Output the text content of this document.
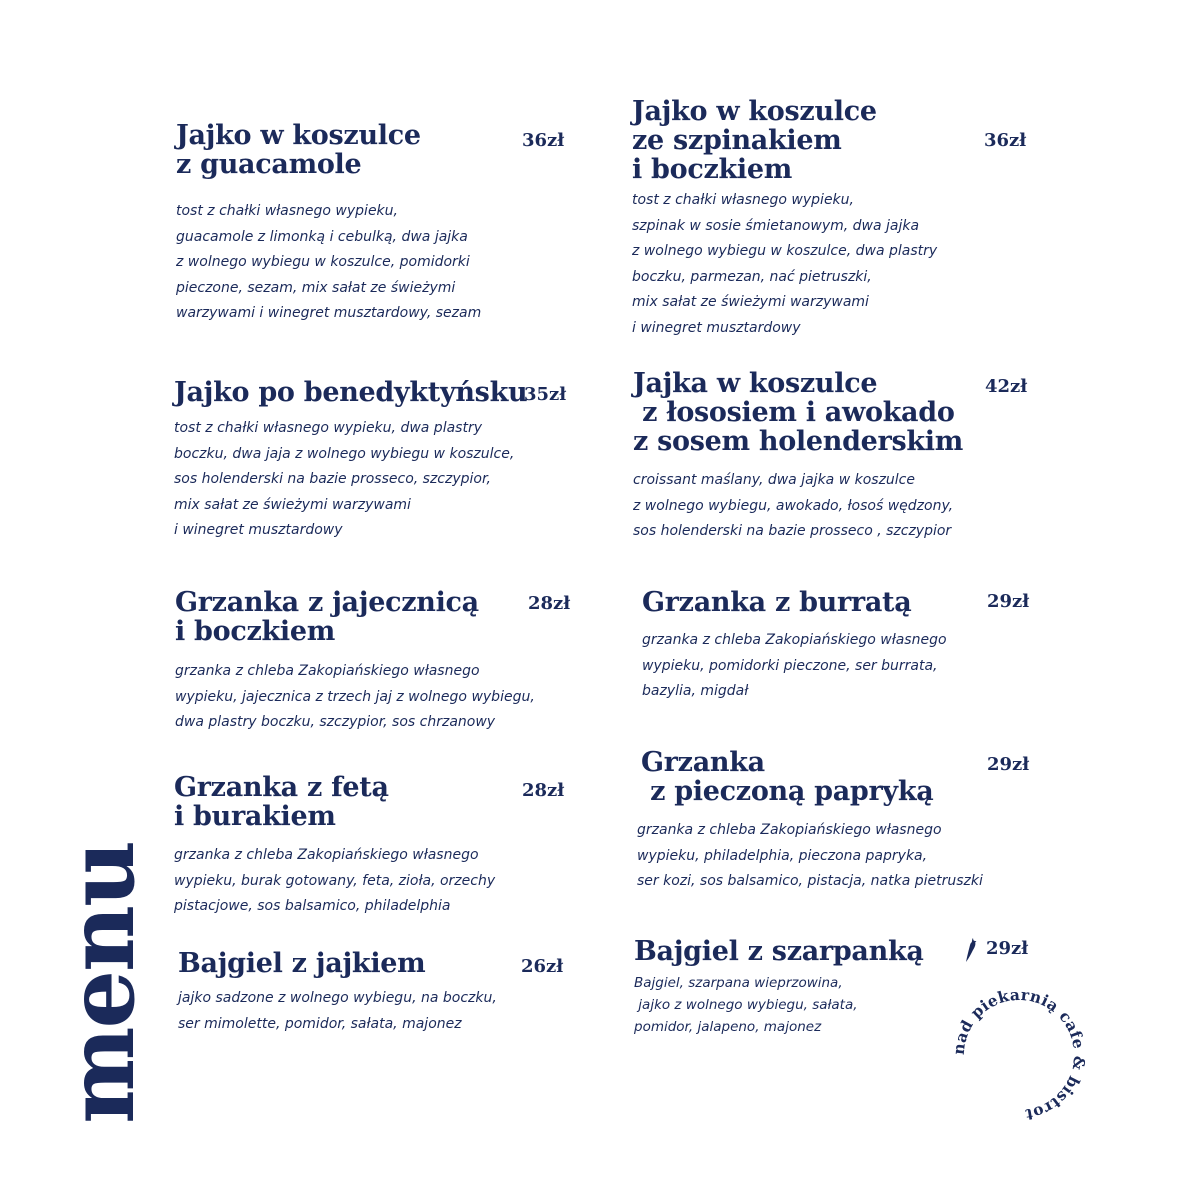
Jajko w koszulce
z guacamole
tost z chałki własnego wypieku,
guacamole z limonką i cebulką, dwa jajka
z wolnego wybiegu w koszulce, pomidorki
pieczone, sezam, mix sałat ze świeżymi
warzywami i winegret musztardowy, sezam
36zł
Jajko po benedyktyńsku
tost z chałki własnego wypieku, dwa plastry
boczku, dwa jaja z wolnego wybiegu w koszulce,
sos holenderski na bazie prosseco, szczypior,
mix sałat ze świeżymi warzywami
i winegret musztardowy
35zł
Grzanka z jajecznicą
i boczkiem
grzanka z chleba Zakopiańskiego własnego
wypieku, jajecznica z trzech jaj z wolnego wybiegu,
dwa plastry boczku, szczypior, sos chrzanowy
28zł
Grzanka z fetą
i burakiem
grzanka z chleba Zakopiańskiego własnego
wypieku, burak gotowany, feta, zioła, orzechy
pistacjowe, sos balsamico, philadelphia
28zł
Bajgiel z jajkiem
jajko sadzone z wolnego wybiegu, na boczku,
ser mimolette, pomidor, sałata, majonez
26zł
Jajko w koszulce
ze szpinakiem
i boczkiem
tost z chałki własnego wypieku,
szpinak w sosie śmietanowym, dwa jajka
z wolnego wybiegu w koszulce, dwa plastry
boczku, parmezan, nać pietruszki,
mix sałat ze świeżymi warzywami
i winegret musztardowy
36zł
Jajka w koszulce
z łososiem i awokado
z sosem holenderskim
croissant maślany, dwa jajka w koszulce
z wolnego wybiegu, awokado, łosoś wędzony,
sos holenderski na bazie prosseco , szczypior
42zł
Grzanka z burratą
grzanka z chleba Zakopiańskiego własnego
wypieku, pomidorki pieczone, ser burrata,
bazylia, migdał
29zł
Grzanka
z pieczoną papryką
grzanka z chleba Zakopiańskiego własnego
wypieku, philadelphia, pieczona papryka,
ser kozi, sos balsamico, pistacja, natka pietruszki
29zł
Bajgiel z szarpanką
Bajgiel, szarpana wieprzowina,
jajko z wolnego wybiegu, sałata,
pomidor, jalapeno, majonez
29zł
menu	nad piekarnią cafe & bistrot
